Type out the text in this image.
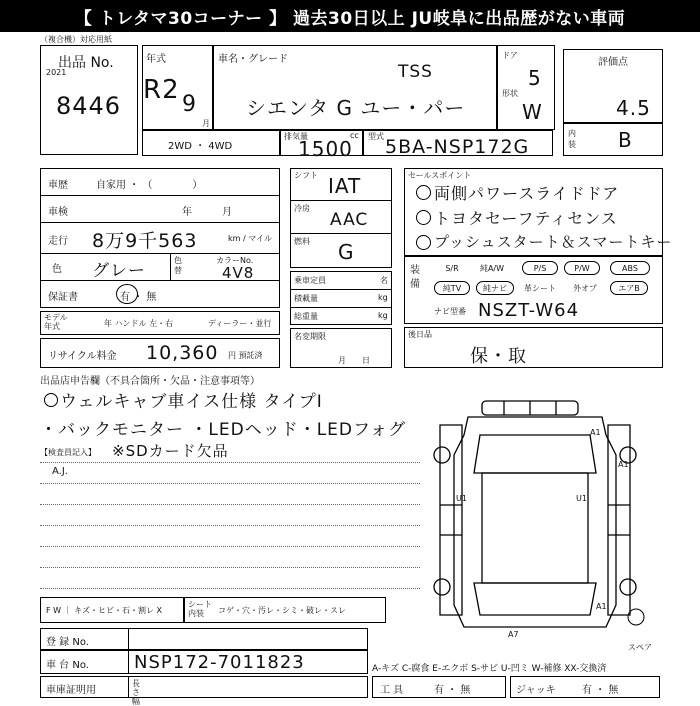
【 トレタマ30コーナー 】 過去30日以上 JU岐阜に出品歴がない車両
（複合機）対応用紙
出品 No.
2021
8446
年式
R2 9
月
車名・グレード
TSS
シエンタ G ユー・パー
ドア
5
形状
W
評価点
4.5
内装 B
2WD ・ 4WD
排気量	cc
1500
型式 5BA-NSP172G
車歴	自家用 ・ （　　　　）
車検	年　　　月
走行 8万9千563	km / マイル
色 グレー
色替
カラーNo.
4V8
保証書	有 ・ 無
モデル年式	年 ハンドル 左・右	ディーラー・並行
リサイクル料金 10,360 円 預託済
シフト IAT
冷房
AAC
燃料 G
乗車定員	名
積載量	kg
総重量	kg
名変期限
月　　日
セールスポイント
両側パワースライドドア
トヨタセーフティセンス
プッシュスタート＆スマートキー
装備
S/R	純A/W	P/S	P/W	ABS
純TV	純ナビ	革シート	外オプ	エアB
ナビ型番 NSZT-W64
後日品
保・取
出品店申告欄（不具合箇所・欠品・注意事項等）
ウェルキャブ車イス仕様 タイプI
・バックモニター ・LEDヘッド・LEDフォグ
【検査員記入】 ※SDカード欠品
A.J.
A1
A1
U1	U1
A1
A7
スペア
F W ｜ キズ・ヒビ・石・割レ X
シート内装	コゲ・穴・汚レ・シミ・破レ・スレ
登 録 No.
車 台 No.	NSP172-7011823	A-キズ C-腐食 E-エクボ S-サビ U-凹ミ W-補修 XX-交換済
車庫証明用
長さ　幅
工 具	有 ・ 無	ジャッキ	有 ・ 無
